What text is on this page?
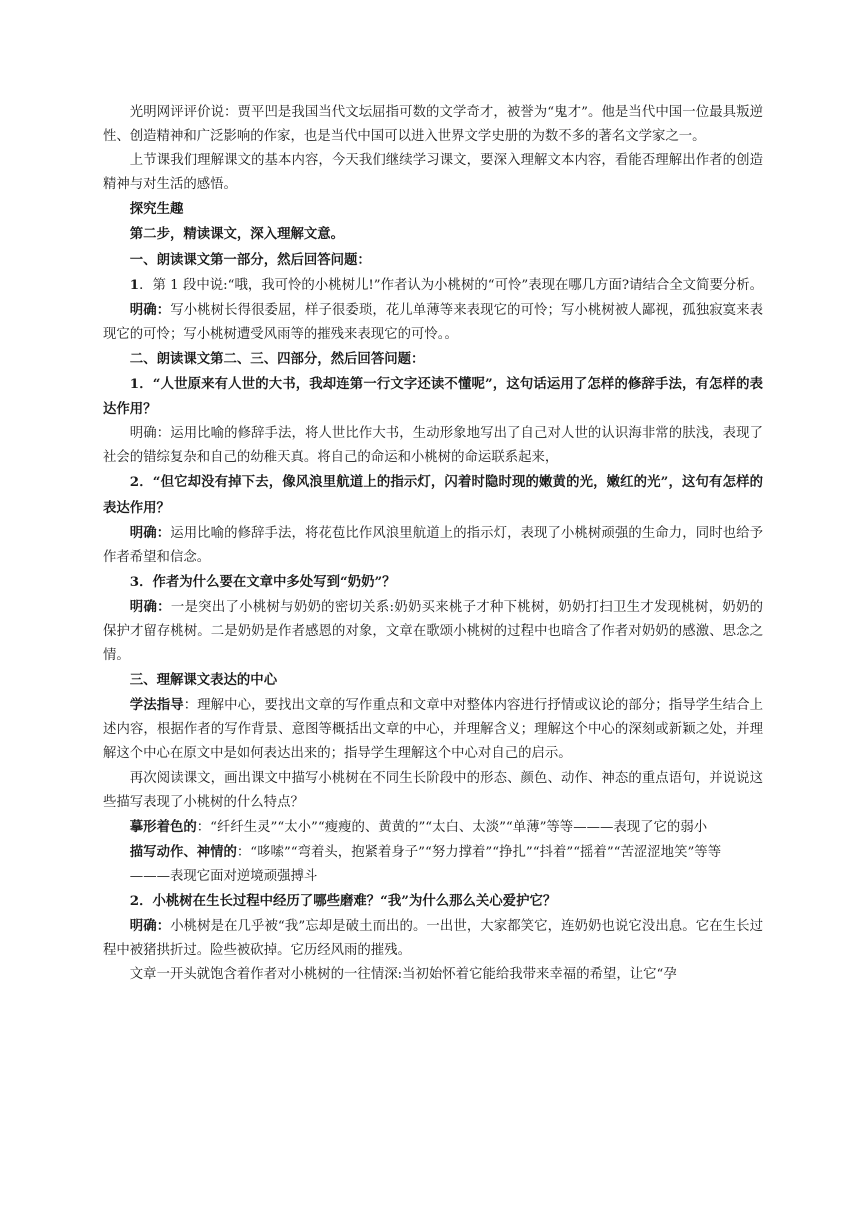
光明网评评价说：贾平凹是我国当代文坛屈指可数的文学奇才，被誉为“鬼才”。他是当代中国一位最具叛逆性、创造精神和广泛影响的作家，也是当代中国可以进入世界文学史册的为数不多的著名文学家之一。

上节课我们理解课文的基本内容，今天我们继续学习课文，要深入理解文本内容，看能否理解出作者的创造精神与对生活的感悟。

探究生趣

第二步，精读课文，深入理解文意。

一、朗读课文第一部分，然后回答问题：

1．第 1 段中说:“哦，我可怜的小桃树儿!”作者认为小桃树的“可怜”表现在哪几方面?请结合全文简要分析。

明确：写小桃树长得很委屈，样子很委琐，花儿单薄等来表现它的可怜；写小桃树被人鄙视，孤独寂寞来表现它的可怜；写小桃树遭受风雨等的摧残来表现它的可怜。。

二、朗读课文第二、三、四部分，然后回答问题：

1．“人世原来有人世的大书，我却连第一行文字还读不懂呢”，这句话运用了怎样的修辞手法，有怎样的表达作用？

明确：运用比喻的修辞手法，将人世比作大书，生动形象地写出了自己对人世的认识海非常的肤浅，表现了社会的错综复杂和自己的幼稚天真。将自己的命运和小桃树的命运联系起来，

2．“但它却没有掉下去，像风浪里航道上的指示灯，闪着时隐时现的嫩黄的光，嫩红的光”，这句有怎样的表达作用？

明确：运用比喻的修辞手法，将花苞比作风浪里航道上的指示灯，表现了小桃树顽强的生命力，同时也给予作者希望和信念。

3．作者为什么要在文章中多处写到“奶奶”？

明确：一是突出了小桃树与奶奶的密切关系:奶奶买来桃子才种下桃树，奶奶打扫卫生才发现桃树，奶奶的保护才留存桃树。二是奶奶是作者感恩的对象，文章在歌颂小桃树的过程中也暗含了作者对奶奶的感激、思念之情。

三、理解课文表达的中心

学法指导：理解中心，要找出文章的写作重点和文章中对整体内容进行抒情或议论的部分；指导学生结合上述内容，根据作者的写作背景、意图等概括出文章的中心，并理解含义；理解这个中心的深刻或新颖之处，并理解这个中心在原文中是如何表达出来的；指导学生理解这个中心对自己的启示。

再次阅读课文，画出课文中描写小桃树在不同生长阶段中的形态、颜色、动作、神态的重点语句，并说说这些描写表现了小桃树的什么特点？

摹形着色的：“纤纤生灵”“太小”“瘦瘦的、黄黄的”“太白、太淡”“单薄”等等———表现了它的弱小

描写动作、神情的：“哆嗦”“弯着头，抱紧着身子”“努力撑着”“挣扎”“抖着”“摇着”“苦涩涩地笑”等等

———表现它面对逆境顽强搏斗

2．小桃树在生长过程中经历了哪些磨难？“我”为什么那么关心爱护它？

明确：小桃树是在几乎被“我”忘却是破土而出的。一出世，大家都笑它，连奶奶也说它没出息。它在生长过程中被猪拱折过。险些被砍掉。它历经风雨的摧残。

文章一开头就饱含着作者对小桃树的一往情深:当初始怀着它能给我带来幸福的希望，让它“孕
